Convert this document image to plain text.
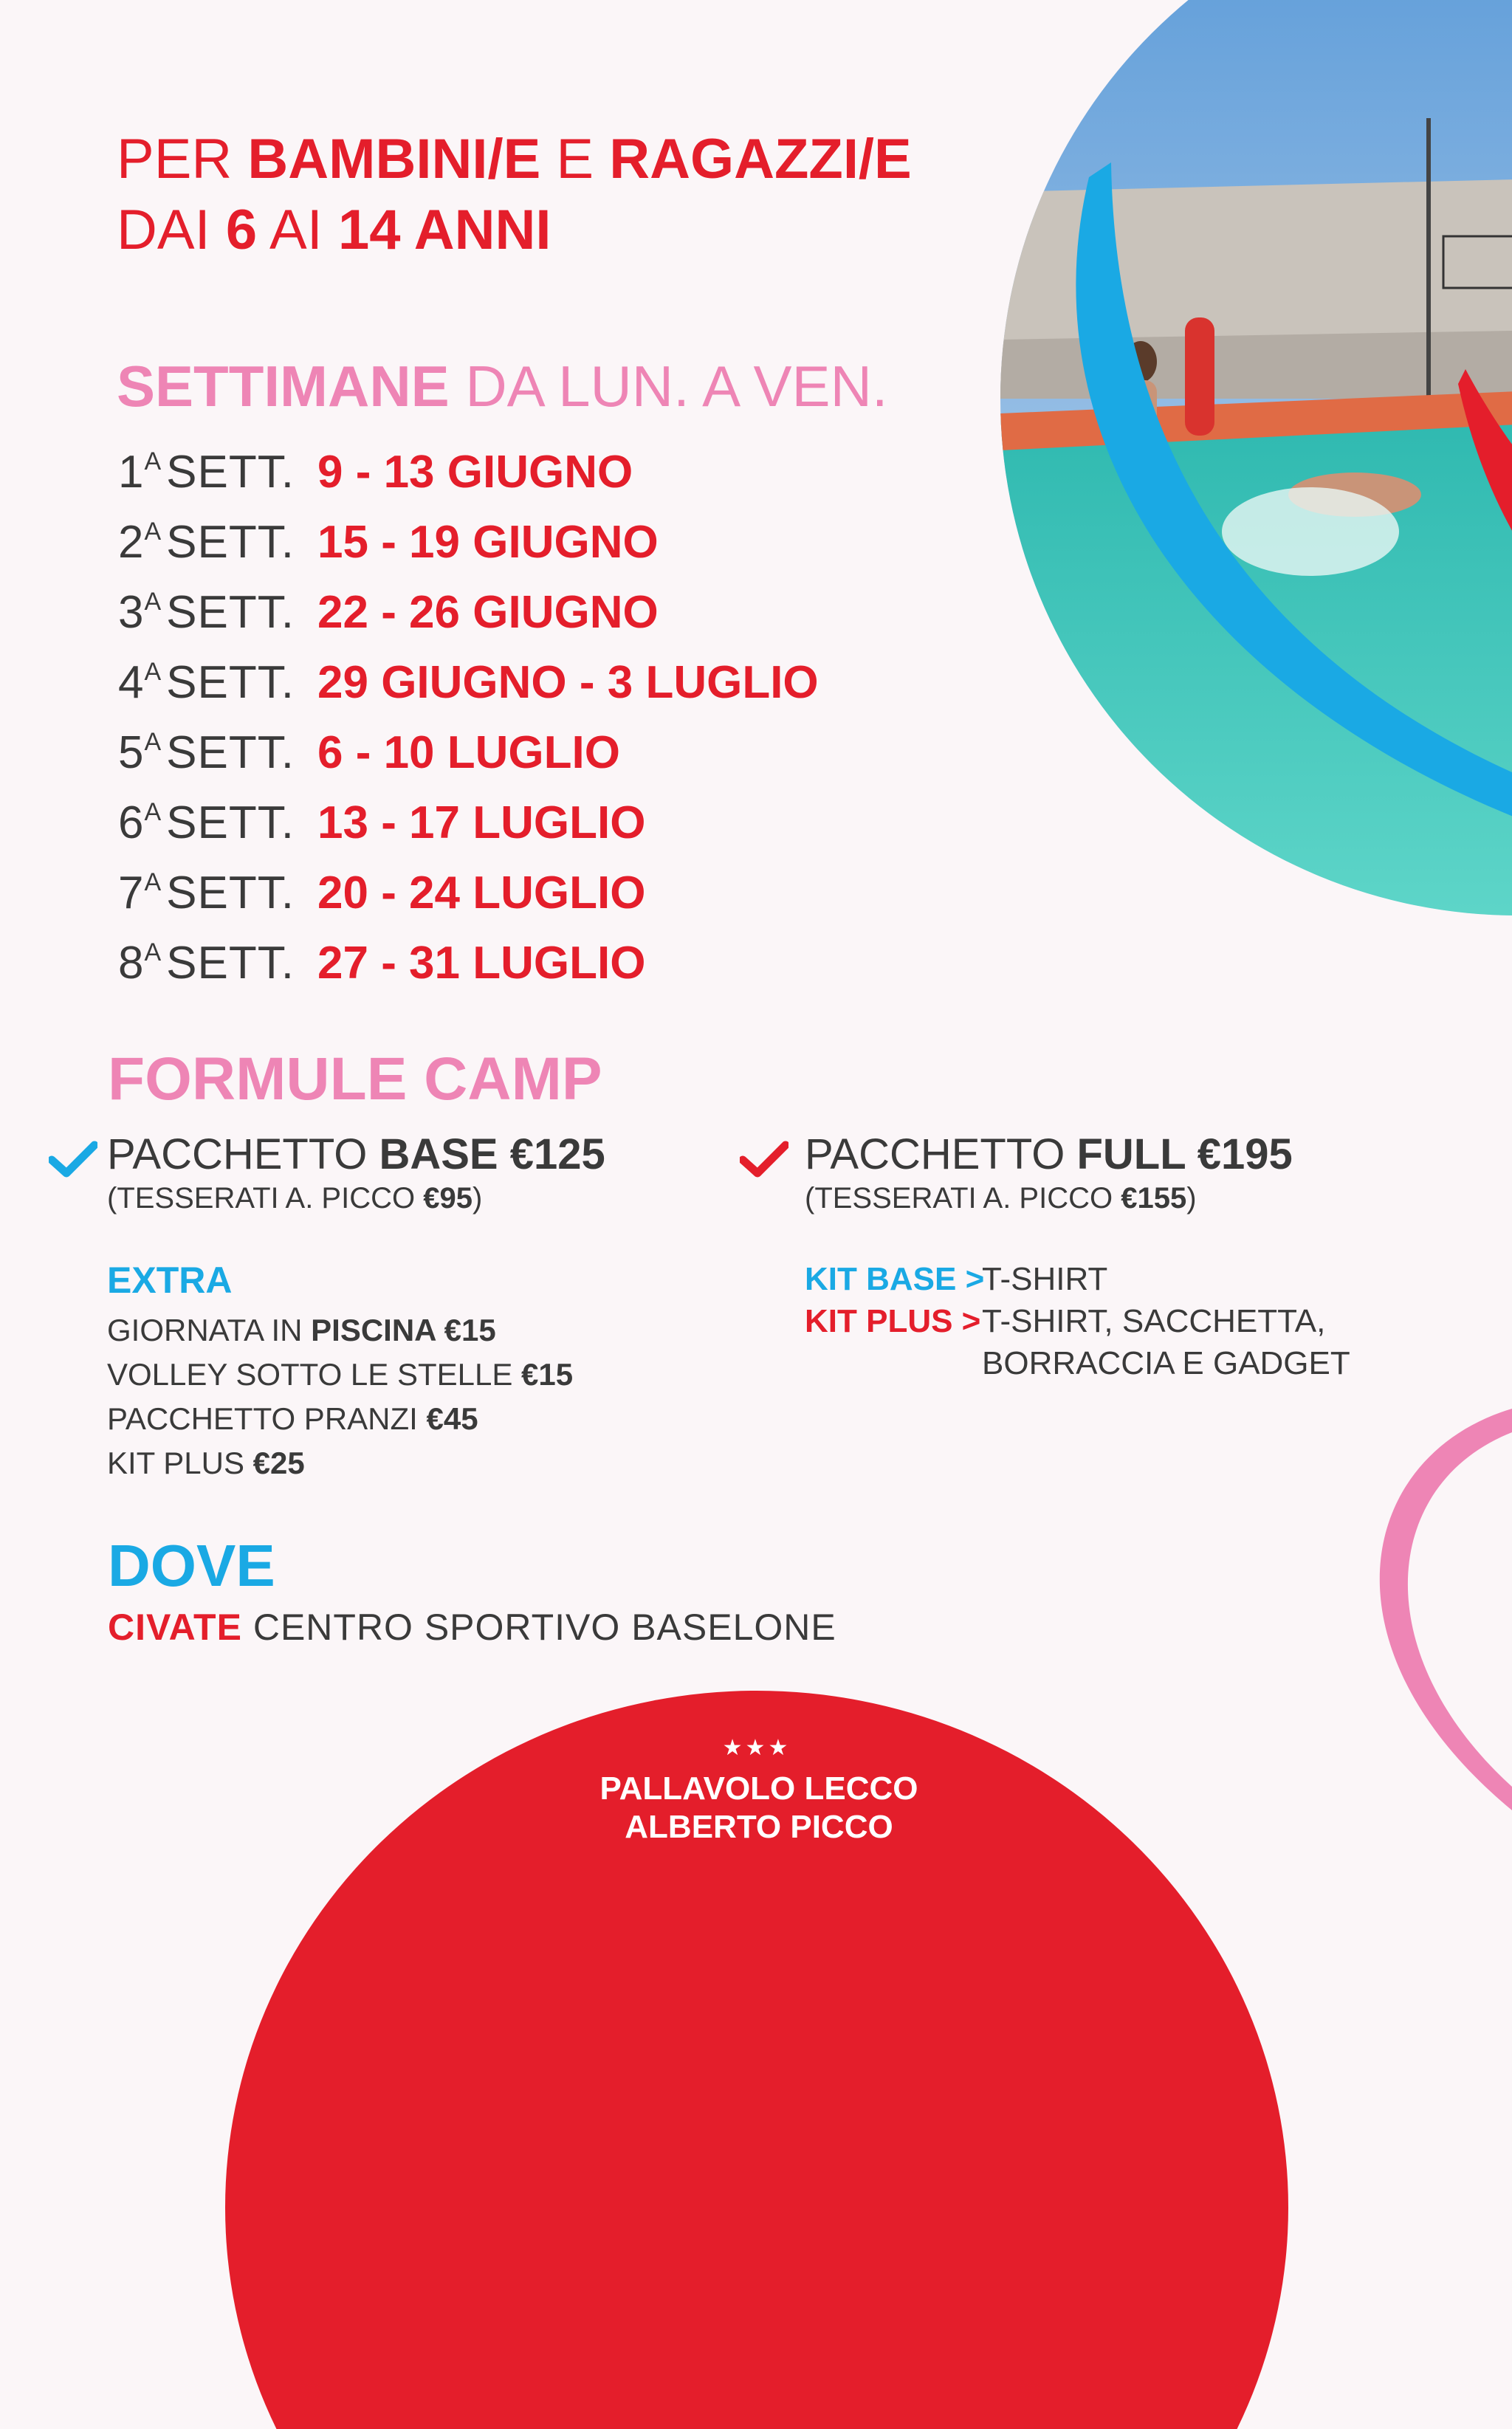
PER BAMBINI/E E RAGAZZI/E
DAI 6 AI 14 ANNI
SETTIMANE DA LUN. A VEN.
$1^ASETT$. 9 - 13 GIUGNO
$2^ASETT$. 15 - 19 GIUGNO
$3^ASETT$. 22 - 26 GIUGNO
$4^ASETT$. 29 GIUGNO - 3 LUGLIO
$5^ASETT$. 6 - 10 LUGLIO
$6^ASETT$. 13 - 17 LUGLIO
$7^ASETT$. 20 - 24 LUGLIO
$8^ASETT$. 27 - 31 LUGLIO
FORMULE CAMP
PACCHETTO BASE €125
(TESSERATI A. PICCO €95)
PACCHETTO FULL €195
(TESSERATI A. PICCO €155)
EXTRA
GIORNATA IN PISCINA €15
VOLLEY SOTTO LE STELLE €15
PACCHETTO PRANZI €45
KIT PLUS €25
KIT BASE >T-SHIRT
KIT PLUS >T-SHIRT, SACCHETTA,
BORRACCIA E GADGET
DOVE
CIVATE CENTRO SPORTIVO BASELONE
★★★
PALLAVOLO LECCO
ALBERTO PICCO
